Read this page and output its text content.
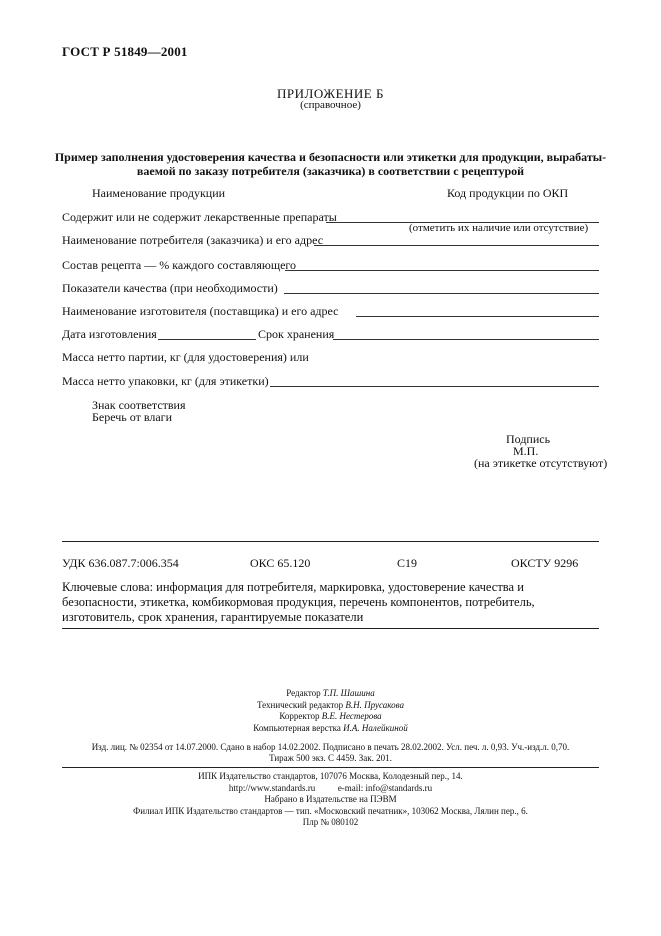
ГОСТ Р 51849—2001
ПРИЛОЖЕНИЕ Б
(справочное)
Пример заполнения удостоверения качества и безопасности или этикетки для продукции, вырабаты-
ваемой по заказу потребителя (заказчика) в соответствии с рецептурой
Наименование продукции	Код продукции по ОКП
Содержит или не содержит лекарственные препараты
(отметить их наличие или отсутствие)
Наименование потребителя (заказчика) и его адрес
Состав рецепта — % каждого составляющего
Показатели качества (при необходимости)
Наименование изготовителя (поставщика) и его адрес
Дата изготовления	Срок хранения
Масса нетто партии, кг (для удостоверения) или
Масса нетто упаковки, кг (для этикетки)
Знак соответствия
Беречь от влаги
Подпись
М.П.
(на этикетке отсутствуют)
УДК 636.087.7:006.354	ОКС 65.120	С19	ОКСТУ 9296
Ключевые слова: информация для потребителя, маркировка, удостоверение качества и безопасности, этикетка, комбикормовая продукция, перечень компонентов, потребитель, изготовитель, срок хранения, гарантируемые показатели
Редактор Т.П. Шашина
Технический редактор В.Н. Прусакова
Корректор В.Е. Нестерова
Компьютерная верстка И.А. Налейкиной
Изд. лиц. № 02354 от 14.07.2000. Сдано в набор 14.02.2002. Подписано в печать 28.02.2002. Усл. печ. л. 0,93. Уч.-изд.л. 0,70.
Тираж 500 экз. С 4459. Зак. 201.
ИПК Издательство стандартов, 107076 Москва, Колодезный пер., 14.
http://www.standards.ru	e-mail: info@standards.ru
Набрано в Издательстве на ПЭВМ
Филиал ИПК Издательство стандартов — тип. «Московский печатник», 103062 Москва, Лялин пер., 6.
Плр № 080102
